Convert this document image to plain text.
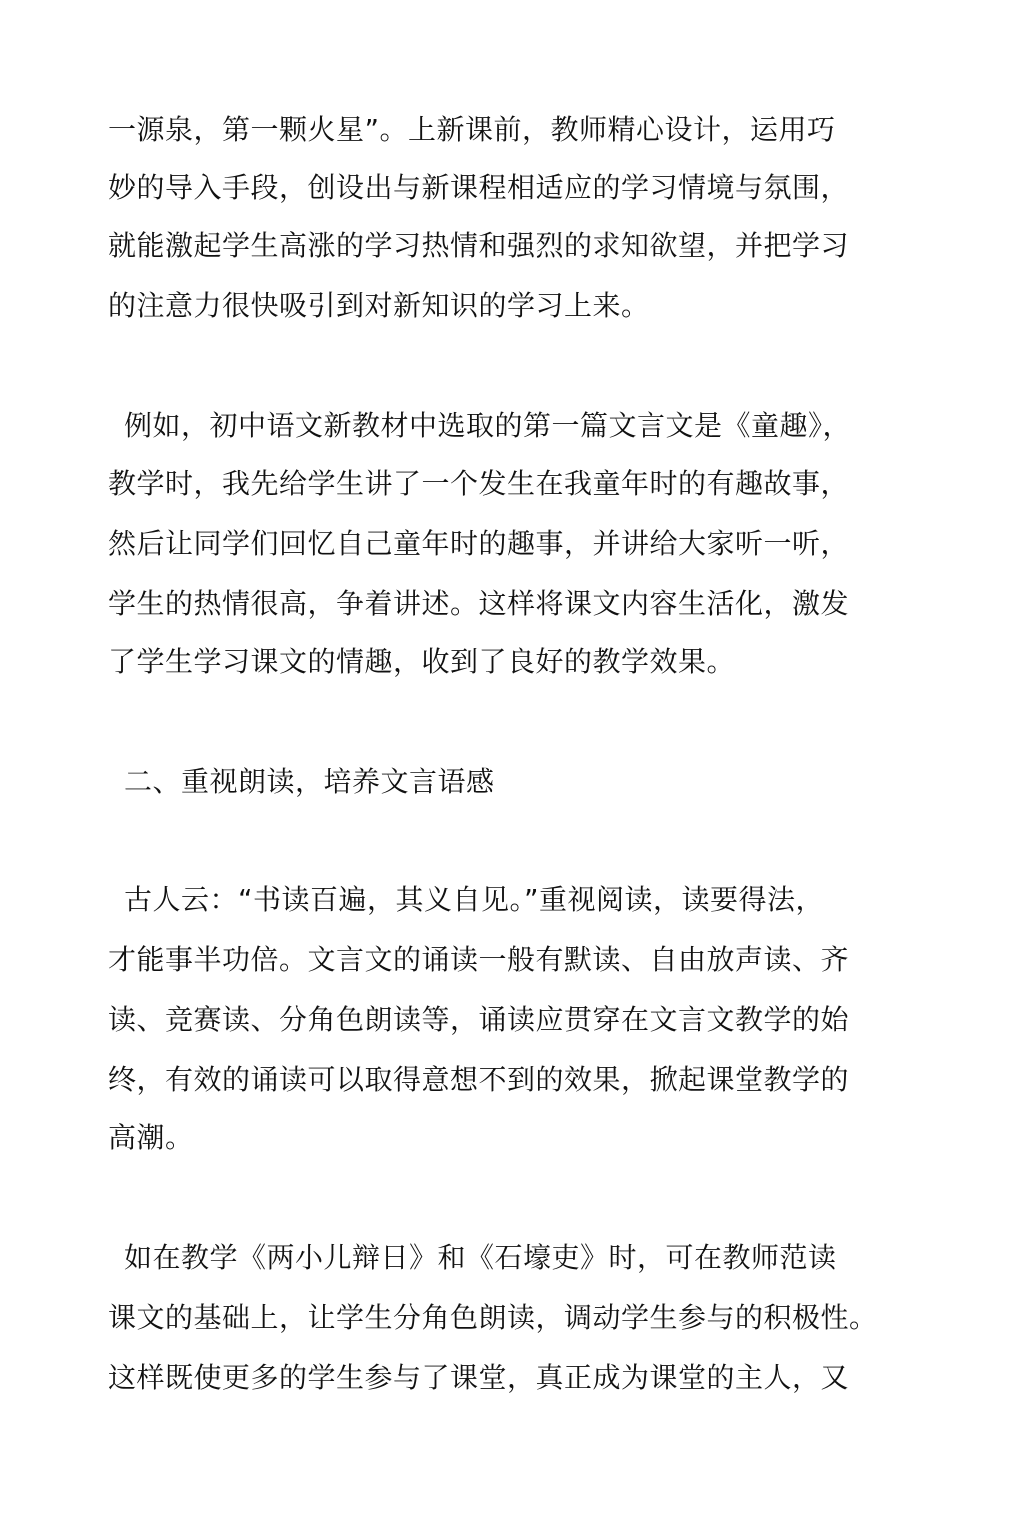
一源泉，第一颗火星”。上新课前，教师精心设计，运用巧
妙的导入手段，创设出与新课程相适应的学习情境与氛围，
就能激起学生高涨的学习热情和强烈的求知欲望，并把学习
的注意力很快吸引到对新知识的学习上来。
例如，初中语文新教材中选取的第一篇文言文是《童趣》，
教学时，我先给学生讲了一个发生在我童年时的有趣故事，
然后让同学们回忆自己童年时的趣事，并讲给大家听一听，
学生的热情很高，争着讲述。这样将课文内容生活化，激发
了学生学习课文的情趣，收到了良好的教学效果。
二、重视朗读，培养文言语感
古人云：“书读百遍，其义自见。”重视阅读，读要得法，
才能事半功倍。文言文的诵读一般有默读、自由放声读、齐
读、竞赛读、分角色朗读等，诵读应贯穿在文言文教学的始
终，有效的诵读可以取得意想不到的效果，掀起课堂教学的
高潮。
如在教学《两小儿辩日》和《石壕吏》时，可在教师范读
课文的基础上，让学生分角色朗读，调动学生参与的积极性。
这样既使更多的学生参与了课堂，真正成为课堂的主人，又
